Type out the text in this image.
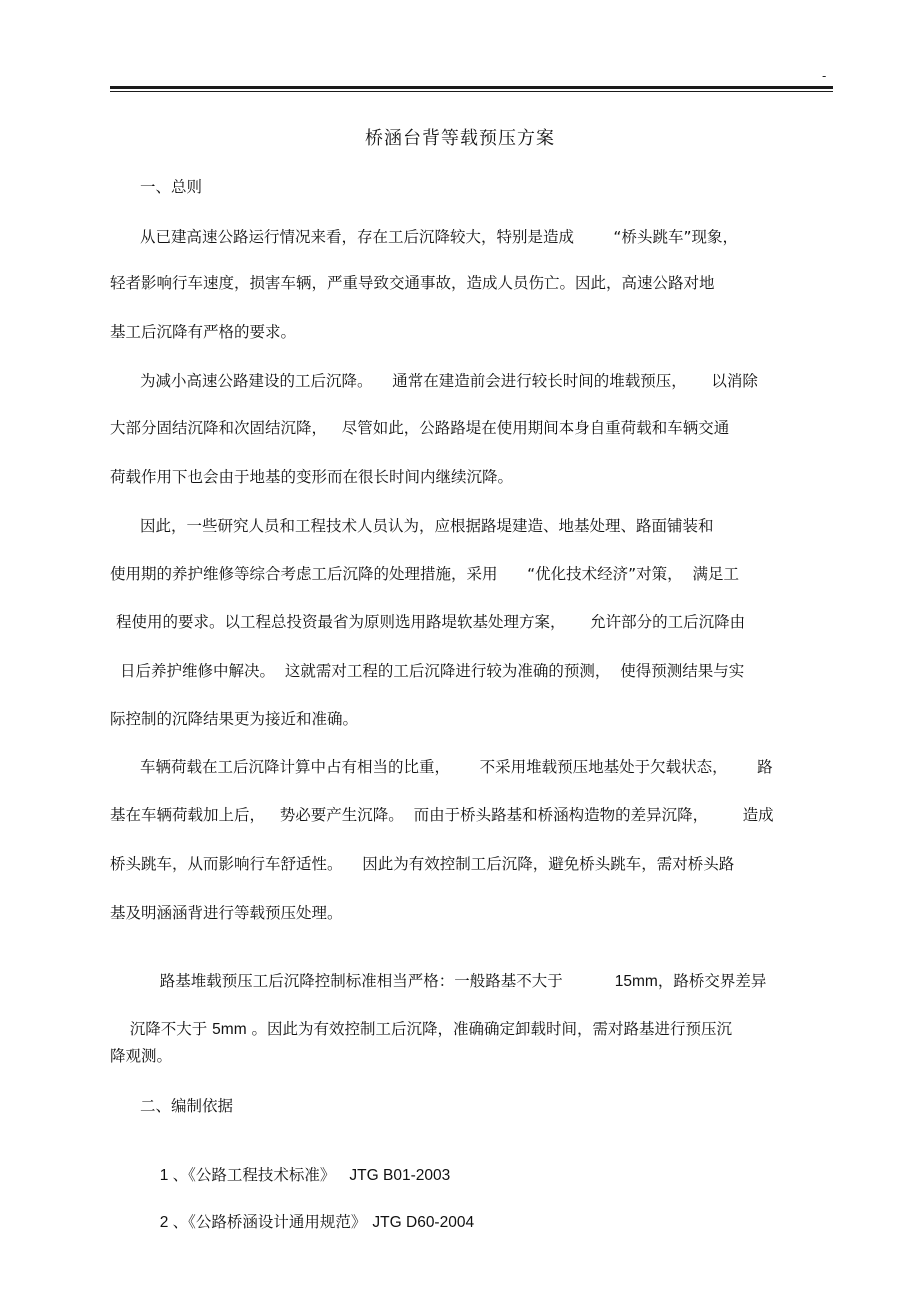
-
桥涵台背等载预压方案
一、总则
从已建高速公路运行情况来看，存在工后沉降较大，特别是造成        “桥头跳车”现象，
轻者影响行车速度，损害车辆，严重导致交通事故，造成人员伤亡。因此，高速公路对地
基工后沉降有严格的要求。
为减小高速公路建设的工后沉降。    通常在建造前会进行较长时间的堆载预压，     以消除
大部分固结沉降和次固结沉降，   尽管如此，公路路堤在使用期间本身自重荷载和车辆交通
荷载作用下也会由于地基的变形而在很长时间内继续沉降。
因此，一些研究人员和工程技术人员认为，应根据路堤建造、地基处理、路面铺装和
使用期的养护维修等综合考虑工后沉降的处理措施，采用      “优化技术经济”对策，  满足工
程使用的要求。以工程总投资最省为原则选用路堤软基处理方案，     允许部分的工后沉降由
日后养护维修中解决。  这就需对工程的工后沉降进行较为准确的预测，  使得预测结果与实
际控制的沉降结果更为接近和准确。
车辆荷载在工后沉降计算中占有相当的比重，      不采用堆载预压地基处于欠载状态，      路
基在车辆荷载加上后，   势必要产生沉降。  而由于桥头路基和桥涵构造物的差异沉降，       造成
桥头跳车，从而影响行车舒适性。    因此为有效控制工后沉降，避免桥头跳车，需对桥头路
基及明涵涵背进行等载预压处理。

路基堆载预压工后沉降控制标准相当严格：一般路基不大于	15mm，路桥交界差异

沉降不大于 5mm 。因此为有效控制工后沉降，准确确定卸载时间，需对路基进行预压沉

降观测。
二、编制依据

1 、《公路工程技术标准》 JTG B01-2003

2 、《公路桥涵设计通用规范》 JTG D60-2004
